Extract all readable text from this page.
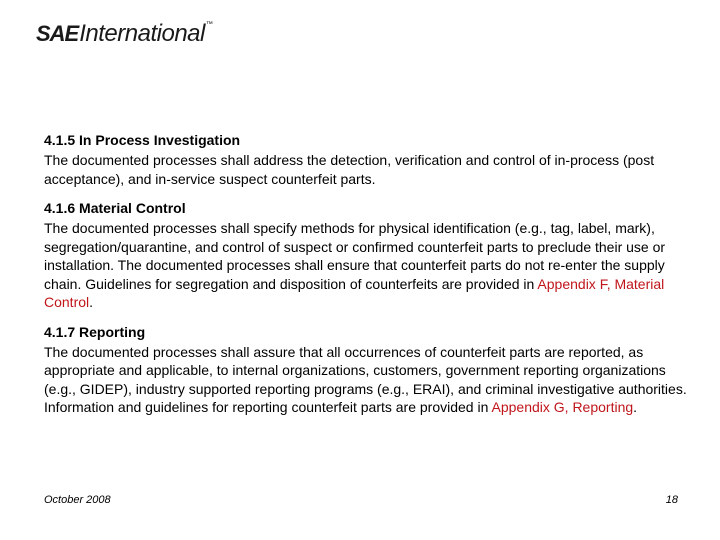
SAE International ™
4.1.5 In Process Investigation
The documented processes shall address the detection, verification and control of in-process (post acceptance), and in-service suspect counterfeit parts.
4.1.6 Material Control
The documented processes shall specify methods for physical identification (e.g., tag, label, mark), segregation/quarantine, and control of suspect or confirmed counterfeit parts to preclude their use or installation. The documented processes shall ensure that counterfeit parts do not re-enter the supply chain. Guidelines for segregation and disposition of counterfeits are provided in Appendix F, Material Control.
4.1.7 Reporting
The documented processes shall assure that all occurrences of counterfeit parts are reported, as appropriate and applicable, to internal organizations, customers, government reporting organizations (e.g., GIDEP), industry supported reporting programs (e.g., ERAI), and criminal investigative authorities. Information and guidelines for reporting counterfeit parts are provided in Appendix G, Reporting.
October 2008	18
